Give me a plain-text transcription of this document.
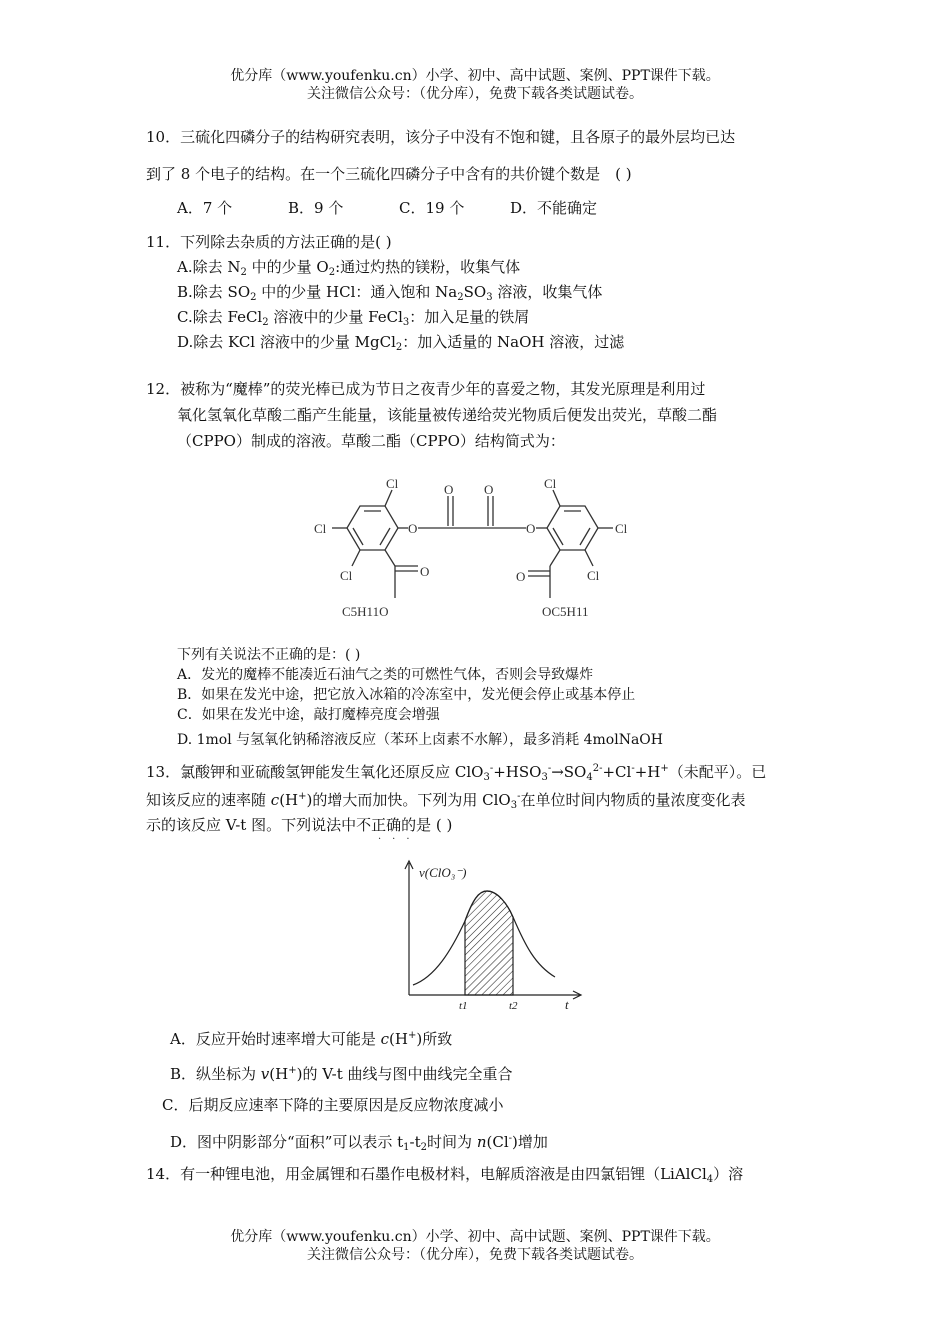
优分库（www.youfenku.cn）小学、初中、高中试题、案例、PPT课件下载。
关注微信公众号：（优分库），免费下载各类试题试卷。
10．三硫化四磷分子的结构研究表明，该分子中没有不饱和键，且各原子的最外层均已达
到了 8 个电子的结构。在一个三硫化四磷分子中含有的共价键个数是　( )
A．7 个	B．9 个	C．19 个	D．不能确定
11．下列除去杂质的方法正确的是( )
A.除去 $N_2$ 中的少量 $O_2$:通过灼热的镁粉，收集气体
B.除去 $SO_2$ 中的少量 HCl：通入饱和 $Na_2SO_3$ 溶液，收集气体
C.除去 FeCl$_2$ 溶液中的少量 FeCl$_3$：加入足量的铁屑
D.除去 KCl 溶液中的少量 MgCl$_2$：加入适量的 NaOH 溶液，过滤
12．被称为“魔棒”的荧光棒已成为节日之夜青少年的喜爱之物，其发光原理是利用过
氧化氢氧化草酸二酯产生能量，该能量被传递给荧光物质后便发出荧光，草酸二酯
（CPPO）制成的溶液。草酸二酯（CPPO）结构简式为：
Cl
Cl
Cl
O
O
O O
O
O
Cl
Cl
Cl
C5H11O	OC5H11
下列有关说法不正确的是：( )
A．发光的魔棒不能凑近石油气之类的可燃性气体，否则会导致爆炸
B．如果在发光中途，把它放入冰箱的冷冻室中，发光便会停止或基本停止
C．如果在发光中途，敲打魔棒亮度会增强
D. 1mol 与氢氧化钠稀溶液反应（苯环上卤素不水解），最多消耗 4molNaOH
13．氯酸钾和亚硫酸氢钾能发生氧化还原反应 $ClO_3^-+HSO_3^-\to SO_4^{2-}+Cl^-+H^+$（未配平）。已
知该反应的速率随 c(H+)的增大而加快。下列为用 ClO$_3$-在单位时间内物质的量浓度变化表
示的该反应 V-t 图。下列说法中不正确的是 ( )
···
v(ClO₃⁻)
t1	t2	t
A．反应开始时速率增大可能是 c(H+)所致
B．纵坐标为 v(H+)的 V-t 曲线与图中曲线完全重合
C．后期反应速率下降的主要原因是反应物浓度减小
D．图中阴影部分“面积”可以表示 $t_1-t_2$时间为 n(Cl-)增加
14．有一种锂电池，用金属锂和石墨作电极材料，电解质溶液是由四氯铝锂（LiAlCl$_4$）溶
优分库（www.youfenku.cn）小学、初中、高中试题、案例、PPT课件下载。
关注微信公众号：（优分库），免费下载各类试题试卷。
